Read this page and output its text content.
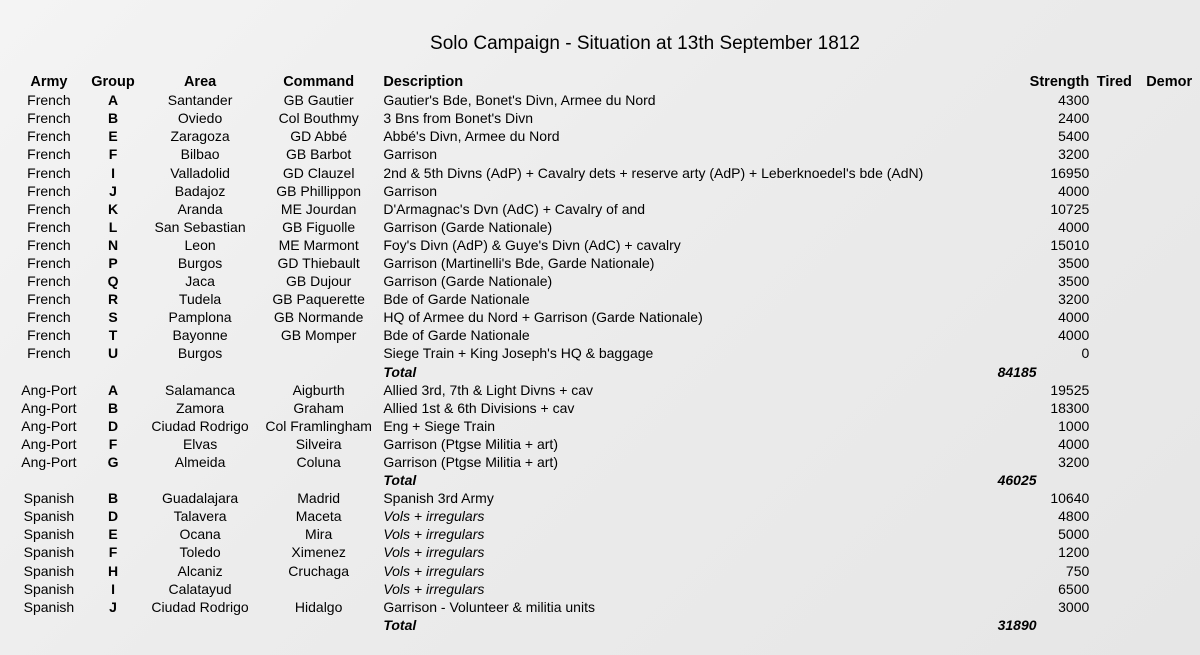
Solo Campaign - Situation at 13th September 1812
Army	Group	Area	Command	Description	Strength	Tired	Demor
French	A	Santander	GB Gautier	Gautier's Bde, Bonet's Divn, Armee du Nord	4300		
French	B	Oviedo	Col Bouthmy	3 Bns from Bonet's Divn	2400		
French	E	Zaragoza	GD Abbé	Abbé's Divn, Armee du Nord	5400		
French	F	Bilbao	GB Barbot	Garrison	3200		
French	I	Valladolid	GD Clauzel	2nd & 5th Divns (AdP) + Cavalry dets + reserve arty (AdP) + Leberknoedel's bde (AdN)	16950		
French	J	Badajoz	GB Phillippon	Garrison	4000		
French	K	Aranda	ME Jourdan	D'Armagnac's Dvn (AdC) + Cavalry of and	10725		
French	L	San Sebastian	GB Figuolle	Garrison (Garde Nationale)	4000		
French	N	Leon	ME Marmont	Foy's Divn (AdP) & Guye's Divn (AdC) + cavalry	15010		
French	P	Burgos	GD Thiebault	Garrison (Martinelli's Bde, Garde Nationale)	3500		
French	Q	Jaca	GB Dujour	Garrison (Garde Nationale)	3500		
French	R	Tudela	GB Paquerette	Bde of Garde Nationale	3200		
French	S	Pamplona	GB Normande	HQ of Armee du Nord + Garrison (Garde Nationale)	4000		
French	T	Bayonne	GB Momper	Bde of Garde Nationale	4000		
French	U	Burgos		Siege Train + King Joseph's HQ & baggage	0		
				Total	84185		
Ang-Port	A	Salamanca	Aigburth	Allied 3rd, 7th & Light Divns + cav	19525		
Ang-Port	B	Zamora	Graham	Allied 1st & 6th Divisions + cav	18300		
Ang-Port	D	Ciudad Rodrigo	Col Framlingham	Eng + Siege Train	1000		
Ang-Port	F	Elvas	Silveira	Garrison (Ptgse Militia + art)	4000		
Ang-Port	G	Almeida	Coluna	Garrison (Ptgse Militia + art)	3200		
				Total	46025		
Spanish	B	Guadalajara	Madrid	Spanish 3rd Army	10640		
Spanish	D	Talavera	Maceta	Vols + irregulars	4800		
Spanish	E	Ocana	Mira	Vols + irregulars	5000		
Spanish	F	Toledo	Ximenez	Vols + irregulars	1200		
Spanish	H	Alcaniz	Cruchaga	Vols + irregulars	750		
Spanish	I	Calatayud		Vols + irregulars	6500		
Spanish	J	Ciudad Rodrigo	Hidalgo	Garrison - Volunteer & militia units	3000		
				Total	31890		
